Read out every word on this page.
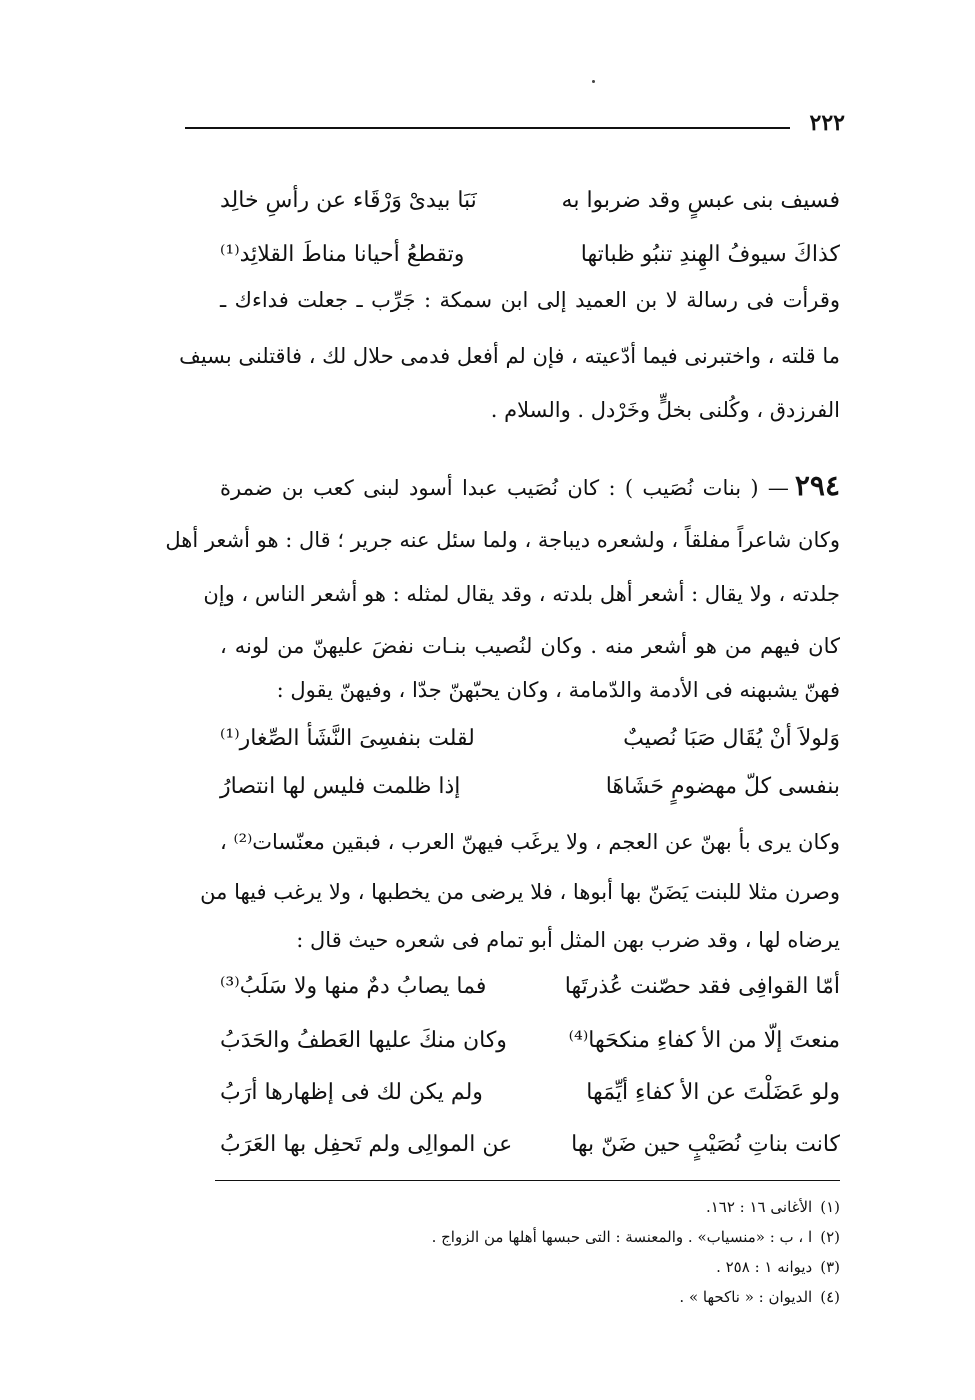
٢٢٢
فسيف بنى عبسٍ وقد ضربوا به
نَبَا بيدىْ وَرْقَاء عن رأسِ خالِد
كذاكَ سيوفُ الهِندِ تنبُو ظباتها
وتقطعُ أحيانا مناطَ القلائِد⁽¹⁾
وقرأت فى رسالة لا بن العميد إلى ابن سمكة : جَرِّب ـ جعلت فداءك ـ
ما قلته ، واختبرنى فيما أدّعيته ، فإن لم أفعل فدمى حلال لك ، فاقتلنى بسيف
الفرزدق ، وكُلنى بخلٍّ وخَرْدل . والسلام .
٢٩٤— ( بنات نُصَيب ) : كان نُصَيب عبدا أسود لبنى كعب بن ضمرة
وكان شاعراً مفلقاً ، ولشعره ديباجة ، ولما سئل عنه جرير ؛ قال : هو أشعر أهل
جلدته ، ولا يقال : أشعر أهل بلدته ، وقد يقال لمثله : هو أشعر الناس ، وإن
كان فيهم من هو أشعر منه . وكان لنُصيب بنـات نفضَ عليهنّ من لونه ،
فهنّ يشبهنه فى الأدمة والدّمامة ، وكان يحبّهنّ جدّا ، وفيهنّ يقول :
وَلولاَ أنْ يُقَال صَبَا نُصيبٌ
لقلت بنفسِىَ النَّشَأ الصِّغار⁽¹⁾
بنفسى كلّ مهضومٍ حَشَاهَا
إذا ظلمت فليس لها انتصارُ
وكان يرى بأ بهنّ عن العجم ، ولا يرغَب فيهنّ العرب ، فبقين معنّسات⁽²⁾ ،
وصرن مثلا للبنت يَضَنّ بها أبوها ، فلا يرضى من يخطبها ، ولا يرغب فيها من
يرضاه لها ، وقد ضرب بهن المثل أبو تمام فى شعره حيث قال :
أمّا القوافِى فقد حصّنت عُذرتَها
فما يصابُ دمٌ منها ولا سَلَبُ⁽³⁾
منعتَ إلّا من الأ كفاءِ منكحَها⁽⁴⁾
وكان منكَ عليها العَطفُ والحَدَبُ
ولو عَضَلْتَ عن الأ كفاءِ أيِّمَها
ولم يكن لك فى إظهارها أرَبُ
كانت بناتِ نُصَيْبٍ حين ضَنّ بها
عن الموالِى ولم تَحفِل بها العَرَبُ
(١)الأغانى ١٦ : ١٦٢.
(٢)ا ، ب : «منسياب» . والمعنسة : التى حبسها أهلها من الزواج .
(٣)ديوانه ١ : ٢٥٨ .
(٤)الديوان : « ناكحها » .
